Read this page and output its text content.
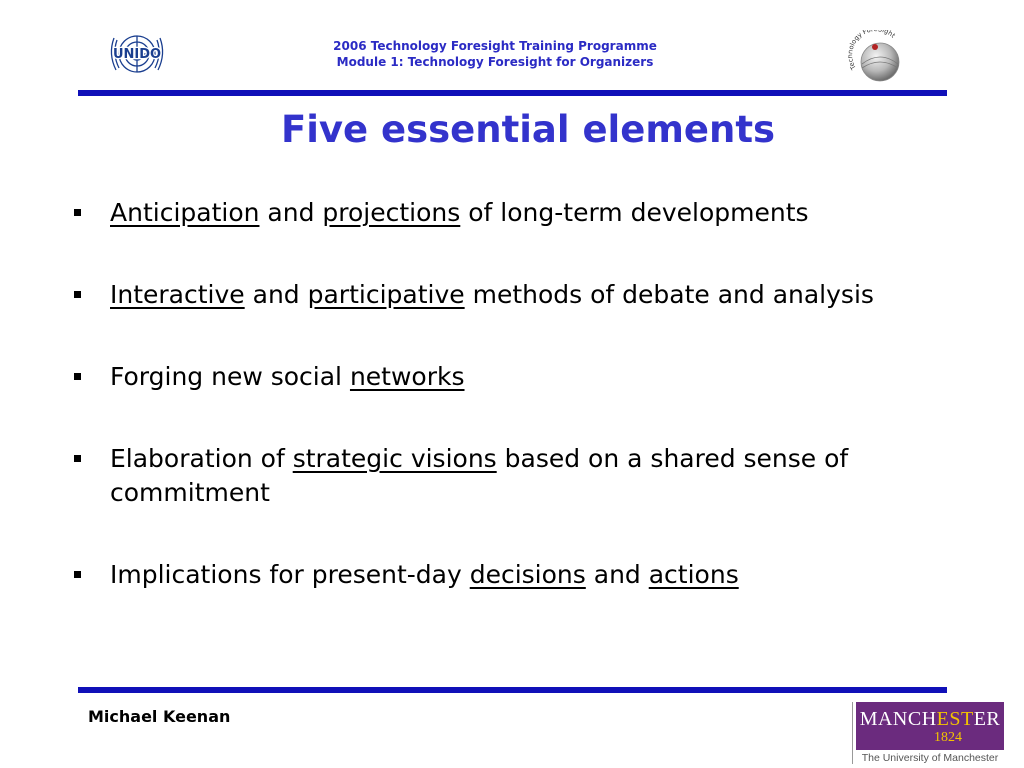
UNIDO
2006 Technology Foresight Training Programme
Module 1: Technology Foresight for Organizers	Te logy Fo ight
Five essential elements
Anticipation and projections of long-term developments
Interactive and participative methods of debate and analysis
Forging new social networks
Elaboration of strategic visions based on a shared sense of commitment
Implications for present-day decisions and actions
Michael Keenan	MANCHESTER
1824
The University of Manchester
